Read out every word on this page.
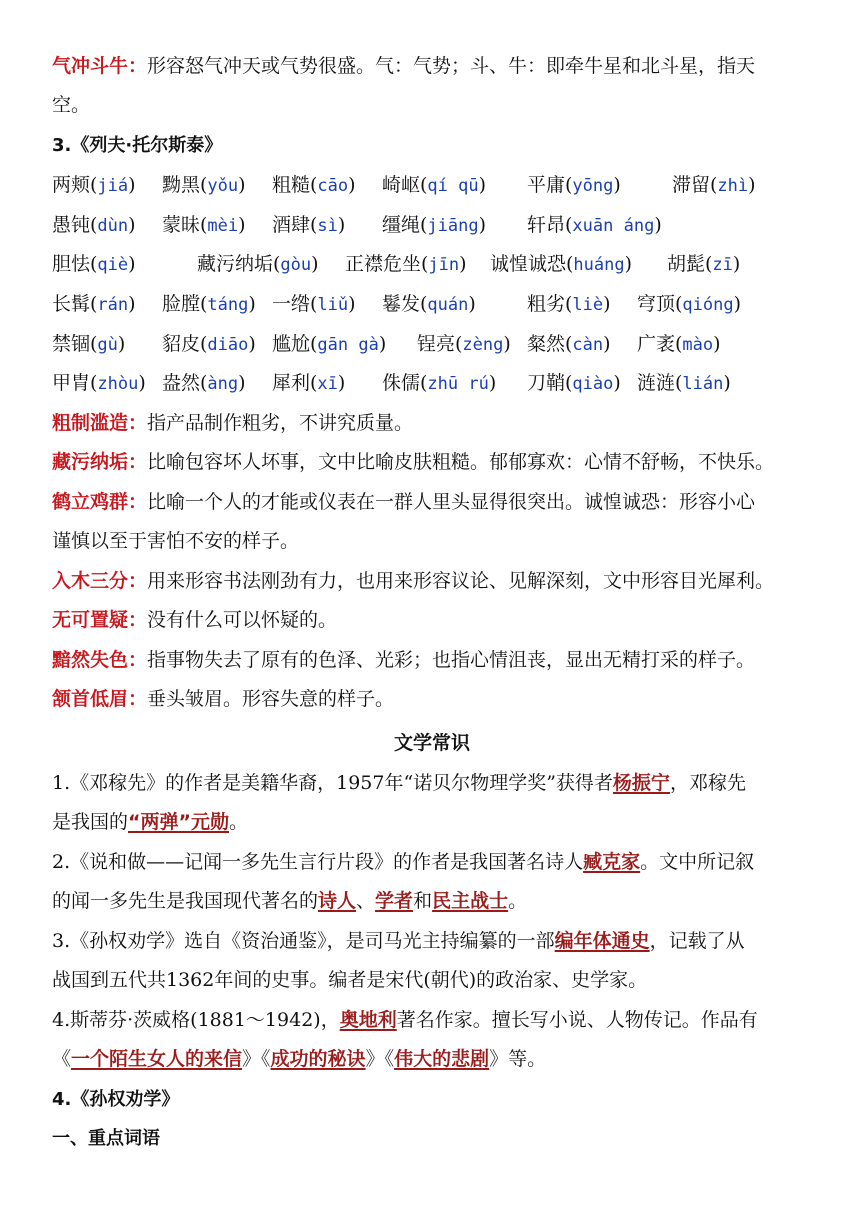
气冲斗牛：形容怒气冲天或气势很盛。气：气势；斗、牛：即牵牛星和北斗星，指天
空。
3.《列夫·托尔斯泰》
两颊(jiá) 黝黑(yǒu) 粗糙(cāo) 崎岖(qí qū) 平庸(yōng)	滞留(zhì)
愚钝(dùn) 蒙昧(mèi) 酒肆(sì) 缰绳(jiāng) 轩昂(xuān áng)
胆怯(qiè)	藏污纳垢(gòu) 正襟危坐(jīn) 诚惶诚恐(huáng) 胡髭(zī)
长髯(rán) 脸膛(táng) 一绺(liǔ) 鬈发(quán)	粗劣(liè) 穹顶(qióng)
禁锢(gù) 貂皮(diāo) 尴尬(gān gà) 锃亮(zèng) 粲然(càn) 广袤(mào)
甲胄(zhòu) 盎然(àng) 犀利(xī) 侏儒(zhū rú) 刀鞘(qiào) 涟涟(lián)
粗制滥造：指产品制作粗劣，不讲究质量。
藏污纳垢：比喻包容坏人坏事，文中比喻皮肤粗糙。郁郁寡欢：心情不舒畅，不快乐。
鹤立鸡群：比喻一个人的才能或仪表在一群人里头显得很突出。诚惶诚恐：形容小心
谨慎以至于害怕不安的样子。
入木三分：用来形容书法刚劲有力，也用来形容议论、见解深刻，文中形容目光犀利。
无可置疑：没有什么可以怀疑的。
黯然失色：指事物失去了原有的色泽、光彩；也指心情沮丧，显出无精打采的样子。
颔首低眉：垂头皱眉。形容失意的样子。
文学常识
1.《邓稼先》的作者是美籍华裔，1957年“诺贝尔物理学奖”获得者杨振宁，邓稼先
是我国的“两弹”元勋。
2.《说和做——记闻一多先生言行片段》的作者是我国著名诗人臧克家。文中所记叙
的闻一多先生是我国现代著名的诗人、学者和民主战士。
3.《孙权劝学》选自《资治通鉴》，是司马光主持编纂的一部编年体通史，记载了从
战国到五代共1362年间的史事。编者是宋代(朝代)的政治家、史学家。
4.斯蒂芬·茨威格(1881～1942)，奥地利著名作家。擅长写小说、人物传记。作品有
《一个陌生女人的来信》《成功的秘诀》《伟大的悲剧》等。
4.《孙权劝学》
一、重点词语
